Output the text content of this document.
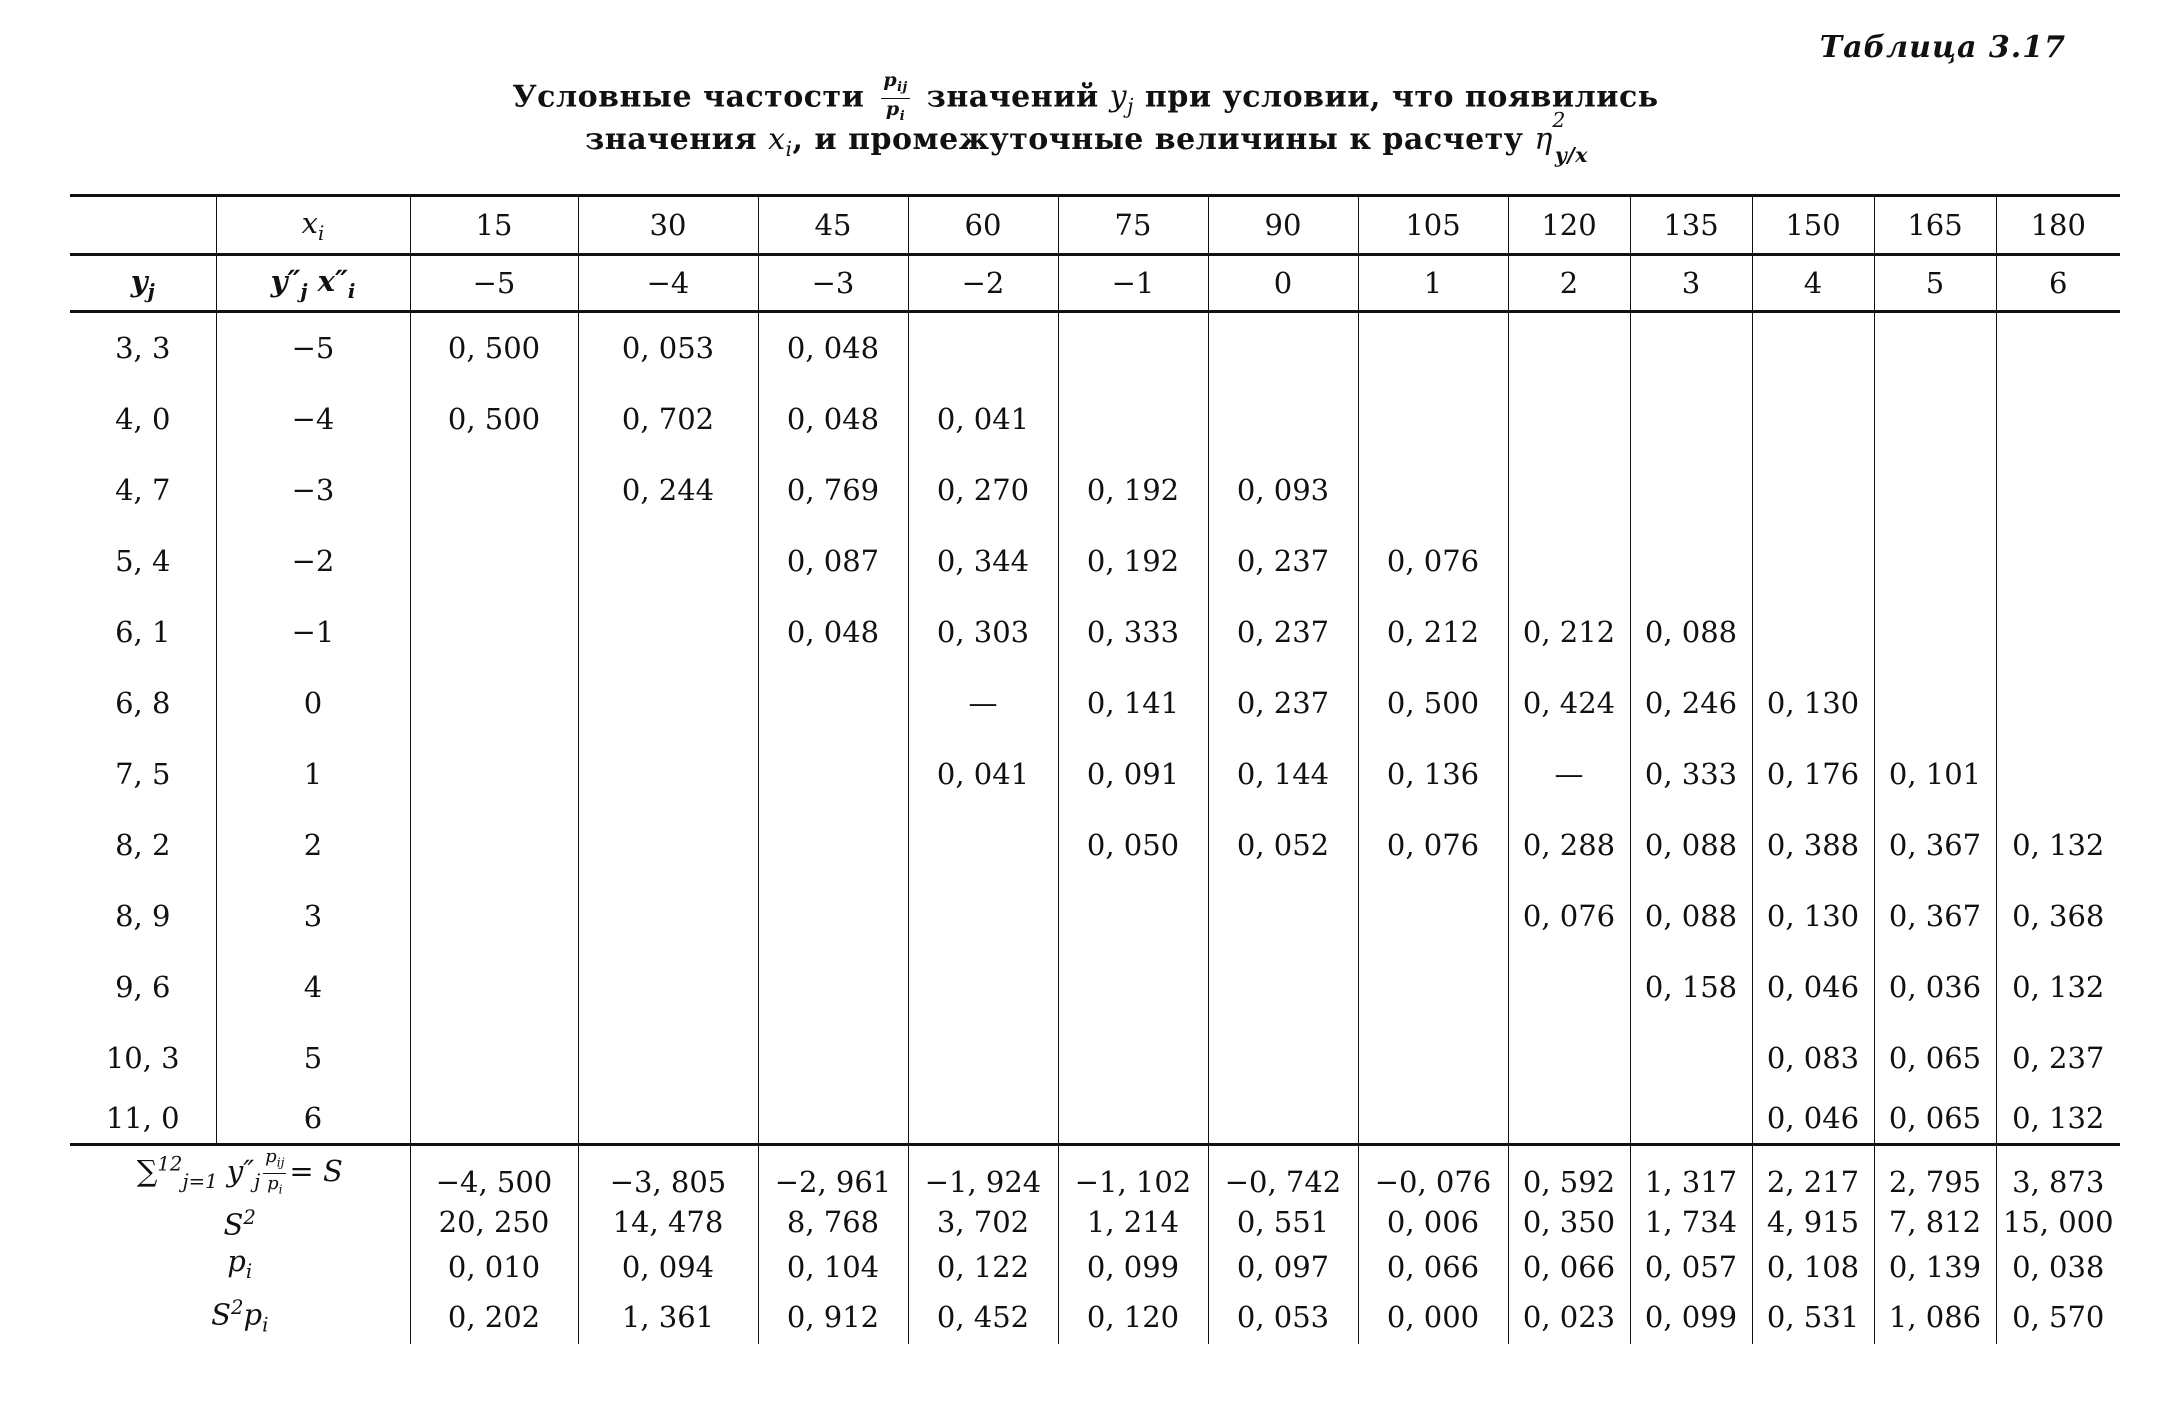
Таблица 3.17
Условные частости $\frac{p_{ij}}{p_i}$ значений $y_j$ при условии, что появились
значения $x_i$, и промежуточные величины к расчету η
2
$_{y/x}$
	$x_i$	15	30	45	60	75	90	105	120	135	150	165	180
$y_j$	$y''_j$ $x''_i$	−5	−4	−3	−2	−1	0	1	2	3	4	5	6
3, 3	−5	0, 500	0, 053	0, 048									
4, 0	−4	0, 500	0, 702	0, 048	0, 041								
4, 7	−3		0, 244	0, 769	0, 270	0, 192	0, 093						
5, 4	−2			0, 087	0, 344	0, 192	0, 237	0, 076					
6, 1	−1			0, 048	0, 303	0, 333	0, 237	0, 212	0, 212	0, 088			
6, 8	0				—	0, 141	0, 237	0, 500	0, 424	0, 246	0, 130		
7, 5	1				0, 041	0, 091	0, 144	0, 136	—	0, 333	0, 176	0, 101	
8, 2	2					0, 050	0, 052	0, 076	0, 288	0, 088	0, 388	0, 367	0, 132
8, 9	3								0, 076	0, 088	0, 130	0, 367	0, 368
9, 6	4									0, 158	0, 046	0, 036	0, 132
10, 3	5										0, 083	0, 065	0, 237
11, 0	6										0, 046	0, 065	0, 132
∑$^{12}_{j=1}$ $y''_j \frac{p_{ij}}{p_i} = S$		−4, 500	−3, 805	−2, 961	−1, 924	−1, 102	−0, 742	−0, 076	0, 592	1, 317	2, 217	2, 795	3, 873
$S^2$		20, 250	14, 478	8, 768	3, 702	1, 214	0, 551	0, 006	0, 350	1, 734	4, 915	7, 812	15, 000
$p_i$		0, 010	0, 094	0, 104	0, 122	0, 099	0, 097	0, 066	0, 066	0, 057	0, 108	0, 139	0, 038
$S^2p_i$		0, 202	1, 361	0, 912	0, 452	0, 120	0, 053	0, 000	0, 023	0, 099	0, 531	1, 086	0, 570
